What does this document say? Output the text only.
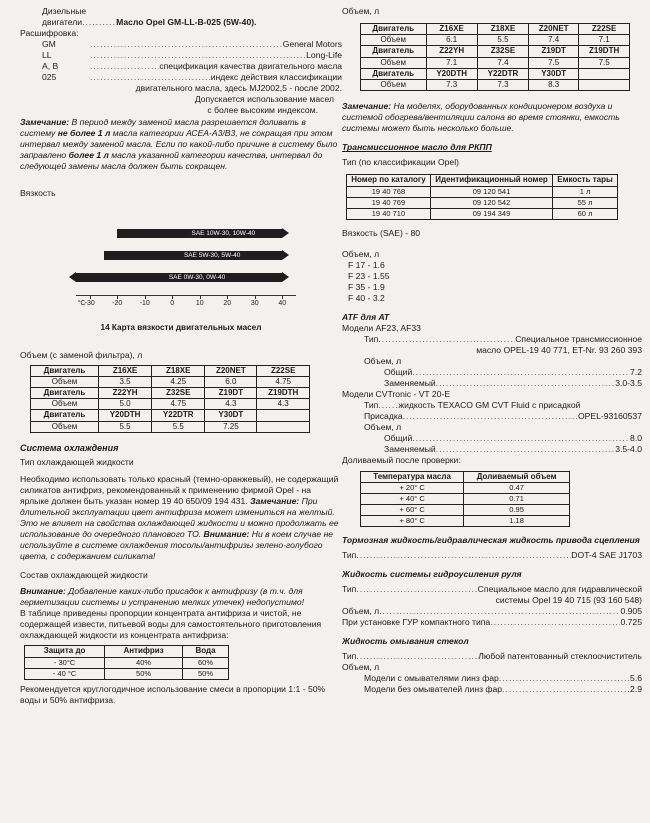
Дизельные

двигатели .....	Масло Opel GM-LL-B-025 (5W-40).

Расшифровка:

GM .....	General Motors
LL .....	Long-Life
А, В .....	спецификация качества двигательного масла
025 .....	индекс действия классификации

двигательного масла, здесь MJ2002,5 - после 2002.

Допускается использование масел

с более высоким индексом.

Замечание: В период между заменой масла разрешается доливать в систему не более 1 л масла категории АСЕА-А3/В3, не сокращая при этом интервал между заменой масла. Если по какой-либо причине в систему было заправлено более 1 л масла указанной категории качества, интервал до следующей замены масла должен быть сокращен.

Вязкость

SAE 10W-30, 10W-40
SAE 5W-30, 5W-40
SAE 0W-30, 0W-40
°C -30 -20 -10	0	10	20	30	40

14 Карта вязкости двигательных масел

Объем (с заменой фильтра), л

Двигатель	Z16XE	Z18XE	Z20NET	Z22SE
Объем	3.5	4.25	6.0	4.75
Двигатель	Z22YH	Z32SE	Z19DT	Z19DTH
Объем	5.0	4.75	4.3	4.3
Двигатель	Y20DTH	Y22DTR	Y30DT	
Объем	5.5	5.5	7.25	

Система охлаждения

Тип охлаждающей жидкости

Необходимо использовать только красный (темно-оранжевый), не содержащий силикатов антифриз, рекомендованный к применению фирмой Opel - на ярлыке должен быть указан номер 19 40 650/09 194 431. Замечание: При длительной эксплуатации цвет антифриза может измениться на желтый. Это не влияет на свойства охлаждающей жидкости и можно продолжать ее использование до очередного планового ТО. Внимание: Ни в коем случае не используйте в системе охлаждения тосолы/антифризы зелено-голубого цвета, с содержанием силиката!

Состав охлаждающей жидкости

Внимание: Добавление каких-либо присадок к антифризу (в т.ч. для герметизации системы и устранению мелких утечек) недопустимо!

В таблице приведены пропорции концентрата антифриза и чистой, не содержащей извести, питьевой воды для самостоятельного приготовления охлаждающей жидкости из концентрата антифриза:

Защита до	Антифриз	Вода
- 30°C	40%	60%
- 40 °C	50%	50%

Рекомендуется круглогодичное использование смеси в пропорции 1:1 - 50% воды и 50% антифриза.

Объем, л

Двигатель	Z16XE	Z18XE	Z20NET	Z22SE
Объем	6.1	5.5	7.4	7.1
Двигатель	Z22YH	Z32SE	Z19DT	Z19DTH
Объем	7.1	7.4	7.5	7.5
Двигатель	Y20DTH	Y22DTR	Y30DT	
Объем	7.3	7.3	8.3	

Замечание: На моделях, оборудованных кондиционером воздуха и системой обогрева/вентиляции салона во время стоянки, емкость системы может быть несколько больше.

Трансмиссионное масло для РКПП

Тип (по классификации Opel)

Номер по каталогу	Идентификационный номер	Емкость тары
19 40 768	09 120 541	1 л
19 40 769	09 120 542	55 л
19 40 710	09 194 349	60 л

Вязкость (SAE) - 80

Объем, л

F 17 - 1.6

F 23 - 1.55

F 35 - 1.9

F 40 - 3.2

ATF для АТ

Модели AF23, AF33

Тип .....	Специальное трансмиссионное

масло OPEL-19 40 771, ET-Nr. 93 260 393

Объем, л

Общий .....	7.2
Заменяемый .....	3.0-3.5

Модели CVTronic - VT 20-E

Тип ..... жидкость TEXACO GM CVT Fluid с присадкой
Присадка .....	OPEL-93160537

Объем, л

Общий .....	8.0
Заменяемый .....	3.5-4.0

Доливаемый после проверки:

Температура масла	Доливаемый объем
+ 20° C	0.47
+ 40° C	0.71
+ 60° C	0.95
+ 80° C	1.18

Тормозная жидкость/гидравлическая жидкость привода сцепления

Тип .....	DOT-4 SAE J1703

Жидкость системы гидроусиления руля

Тип .....	Специальное масло для гидравлической

системы Opel 19 40 715 (93 160 548)

Объем, л .....	0.905
При установке ГУР компактного типа .....	0.725

Жидкость омывания стекол

Тип .....	Любой патентованный стеклоочиститель

Объем, л

Модели с омывателями линз фар .....	5.6
Модели без омывателей линз фар .....	2.9
